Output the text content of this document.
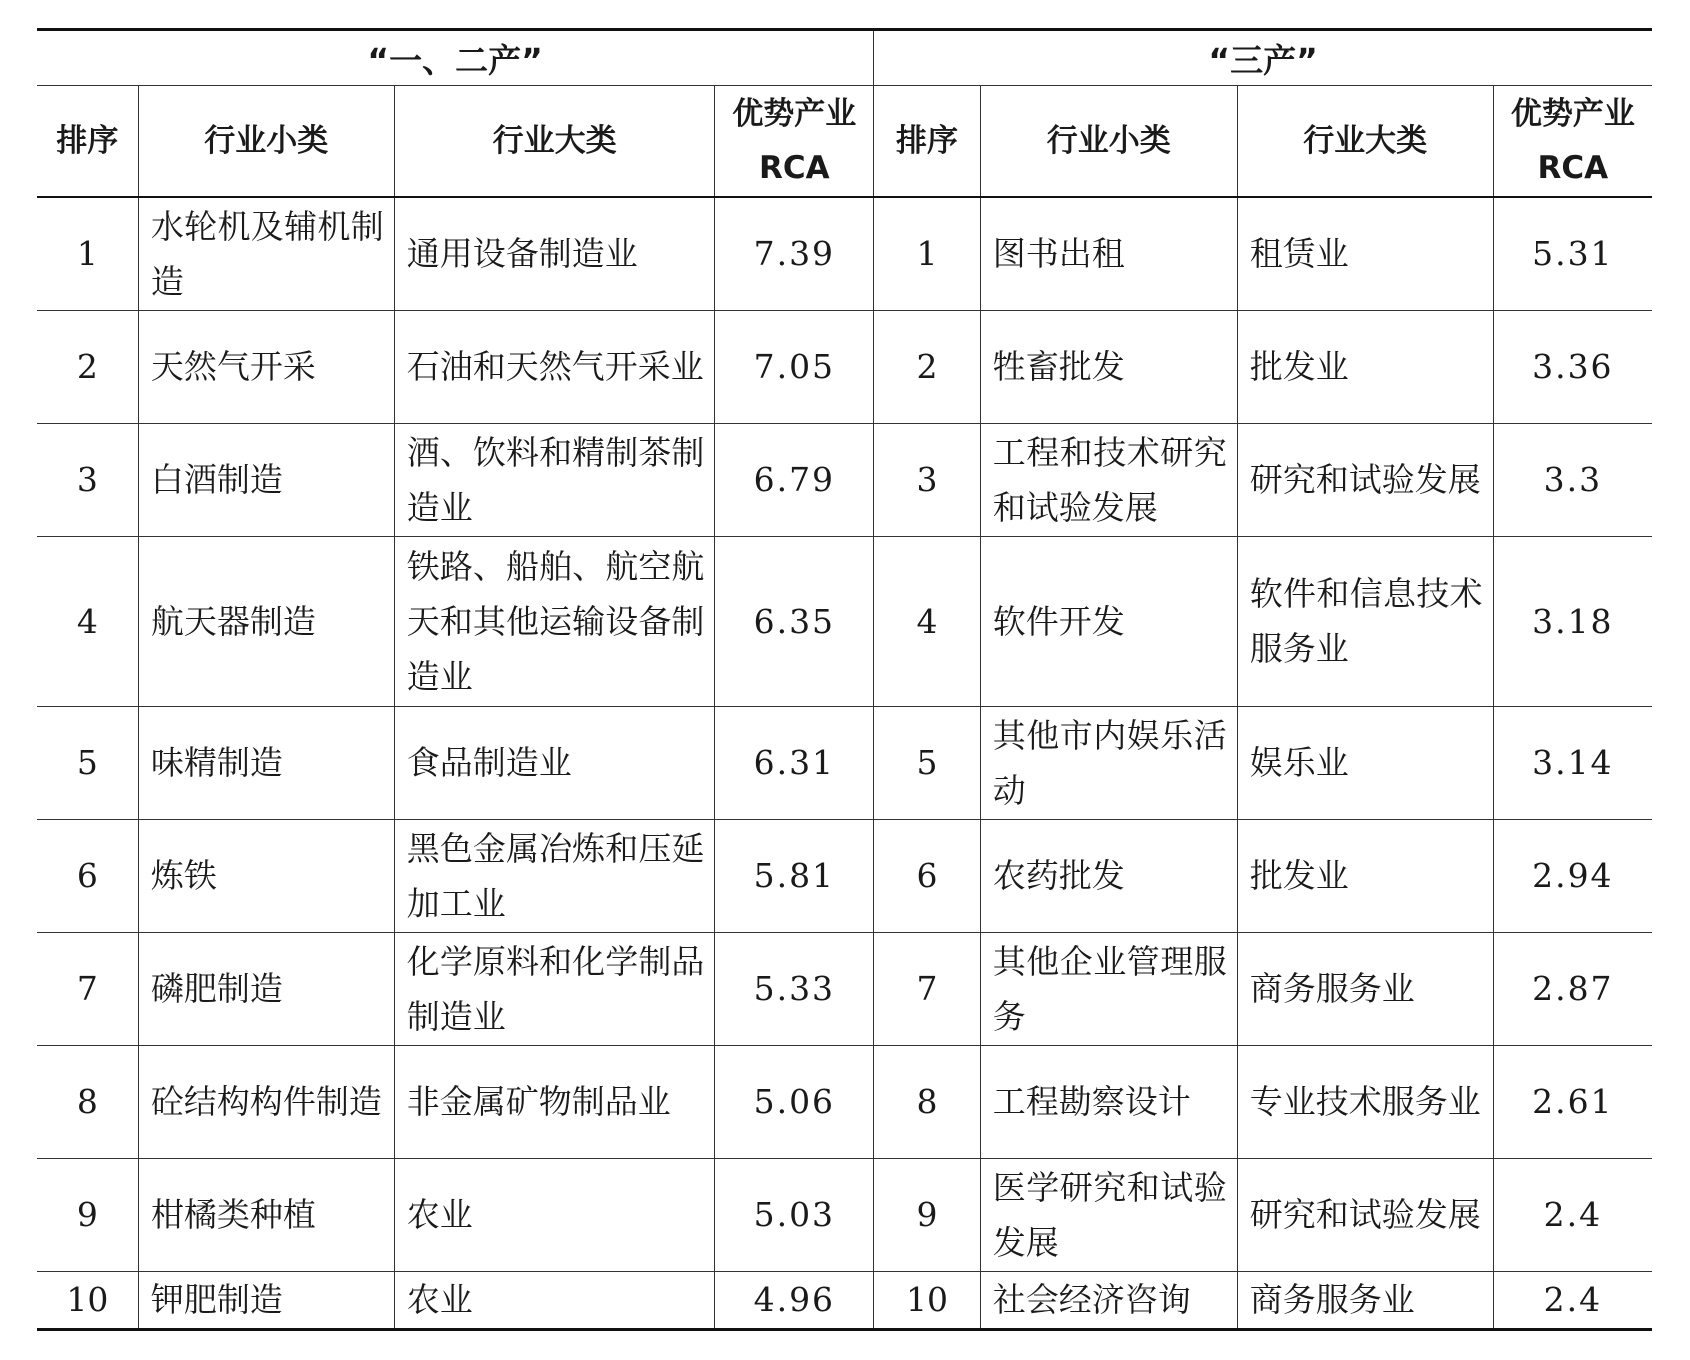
“一、二产”				“三产”			
排序	行业小类	行业大类	优势产业 RCA	排序	行业小类	行业大类	优势产业RCA

1	水轮机及辅机制造	通用设备制造业	7.39	1	图书出租	租赁业	5.31
2	天然气开采	石油和天然气开采业	7.05	2	牲畜批发	批发业	3.36
3	白酒制造	酒、饮料和精制茶制造业	6.79	3	工程和技术研究和试验发展	研究和试验发展	3.3
4	航天器制造	铁路、船舶、航空航天和其他运输设备制造业	6.35	4	软件开发	软件和信息技术服务业	3.18
5	味精制造	食品制造业	6.31	5	其他市内娱乐活动	娱乐业	3.14
6	炼铁	黑色金属冶炼和压延加工业	5.81	6	农药批发	批发业	2.94
7	磷肥制造	化学原料和化学制品制造业	5.33	7	其他企业管理服务	商务服务业	2.87
8	砼结构构件制造	非金属矿物制品业	5.06	8	工程勘察设计	专业技术服务业	2.61
9	柑橘类种植	农业	5.03	9	医学研究和试验发展	研究和试验发展	2.4
10	钾肥制造	农业	4.96	10	社会经济咨询	商务服务业	2.4
